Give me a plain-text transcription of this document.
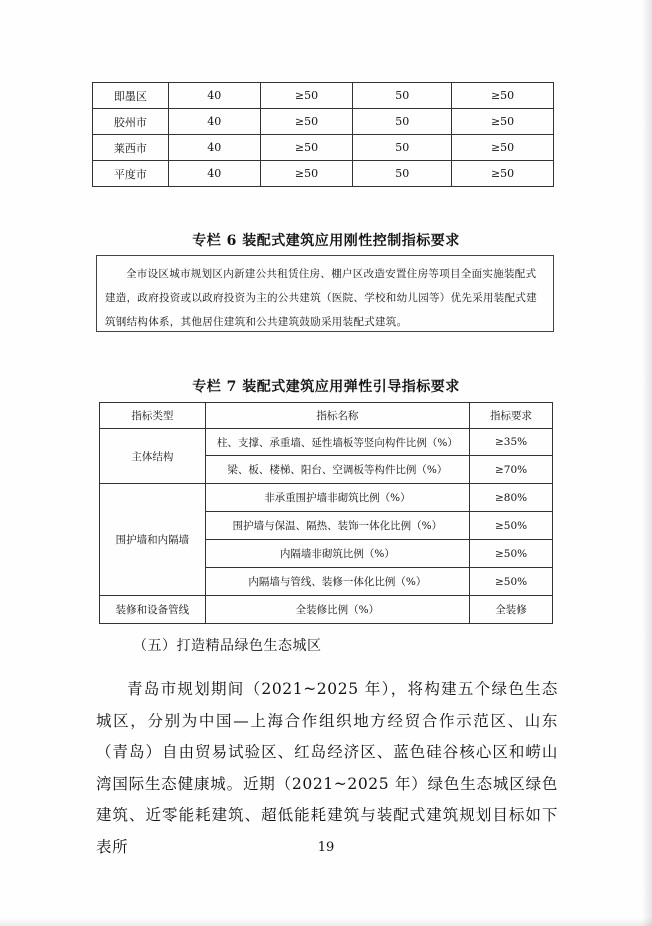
即墨区	40	≥50	50	≥50
胶州市	40	≥50	50	≥50
莱西市	40	≥50	50	≥50
平度市	40	≥50	50	≥50
专栏 6 装配式建筑应用刚性控制指标要求
全市设区城市规划区内新建公共租赁住房、棚户区改造安置住房等项目全面实施装配式建造，政府投资或以政府投资为主的公共建筑（医院、学校和幼儿园等）优先采用装配式建筑钢结构体系，其他居住建筑和公共建筑鼓励采用装配式建筑。
专栏 7 装配式建筑应用弹性引导指标要求
指标类型	指标名称	指标要求
主体结构	柱、支撑、承重墙、延性墙板等竖向构件比例（%）	≥35%
	梁、板、楼梯、阳台、空调板等构件比例（%）	≥70%
围护墙和内隔墙	非承重围护墙非砌筑比例（%）	≥80%
	围护墙与保温、隔热、装饰一体化比例（%）	≥50%
	内隔墙非砌筑比例（%）	≥50%
	内隔墙与管线、装修一体化比例（%）	≥50%
装修和设备管线	全装修比例（%）	全装修
（五）打造精品绿色生态城区
青岛市规划期间（2021~2025 年），将构建五个绿色生态城区，分别为中国—上海合作组织地方经贸合作示范区、山东（青岛）自由贸易试验区、红岛经济区、蓝色硅谷核心区和崂山湾国际生态健康城。近期（2021~2025 年）绿色生态城区绿色建筑、近零能耗建筑、超低能耗建筑与装配式建筑规划目标如下表所	19
